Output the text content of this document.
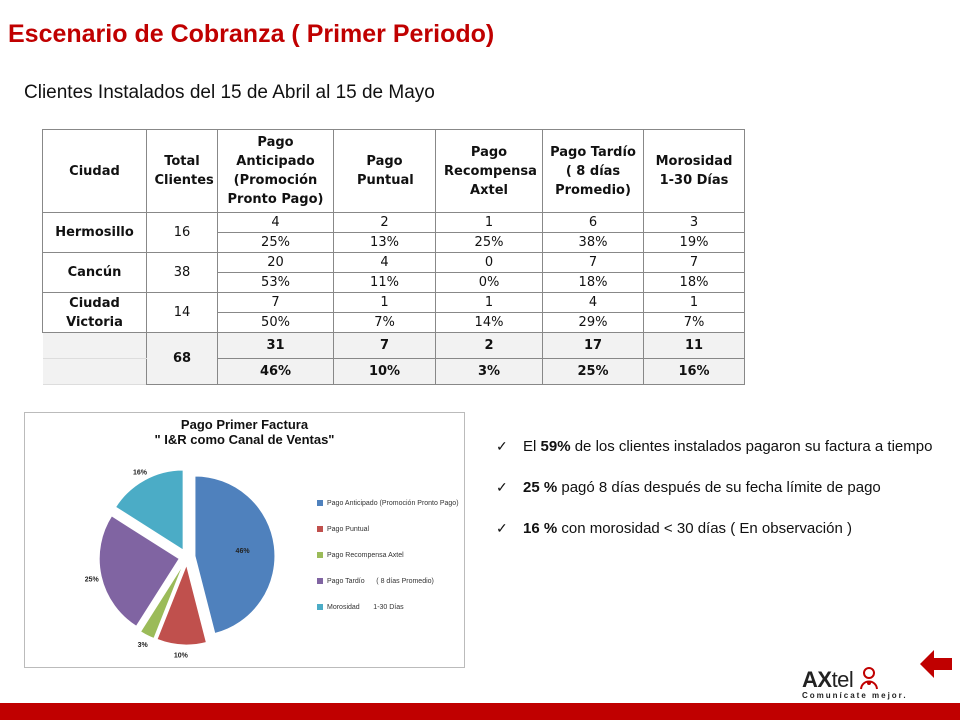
Escenario de Cobranza ( Primer Periodo)
Clientes Instalados del 15 de Abril al 15 de Mayo
Ciudad	Total Clientes	Pago Anticipado (Promoción Pronto Pago)	Pago Puntual	Pago Recompensa Axtel	Pago Tardío ( 8 días Promedio)	Morosidad 1-30 Días

Hermosillo	16	4	2	1	6	3
		25%	13%	25%	38%	19%
Cancún	38	20	4	0	7	7
		53%	11%	0%	18%	18%

Ciudad Victoria	14	7	1	1	4	1
		50%	7%	14%	29%	7%
	68	31	7	2	17	11
		46%	10%	3%	25%	16%
Pago Primer Factura
" I&R como Canal de Ventas"
46%
10%
3%
25%
16%
Pago Anticipado (Promoción Pronto Pago)
Pago Puntual
Pago Recompensa Axtel
Pago Tardío      ( 8 días Promedio)
Morosidad       1-30 Días
✓ El 59% de los clientes instalados pagaron su factura a tiempo
✓ 25 % pagó 8 días después de su fecha límite de pago
✓ 16 % con morosidad < 30 días ( En observación )
AXtel
Comunícate mejor.
